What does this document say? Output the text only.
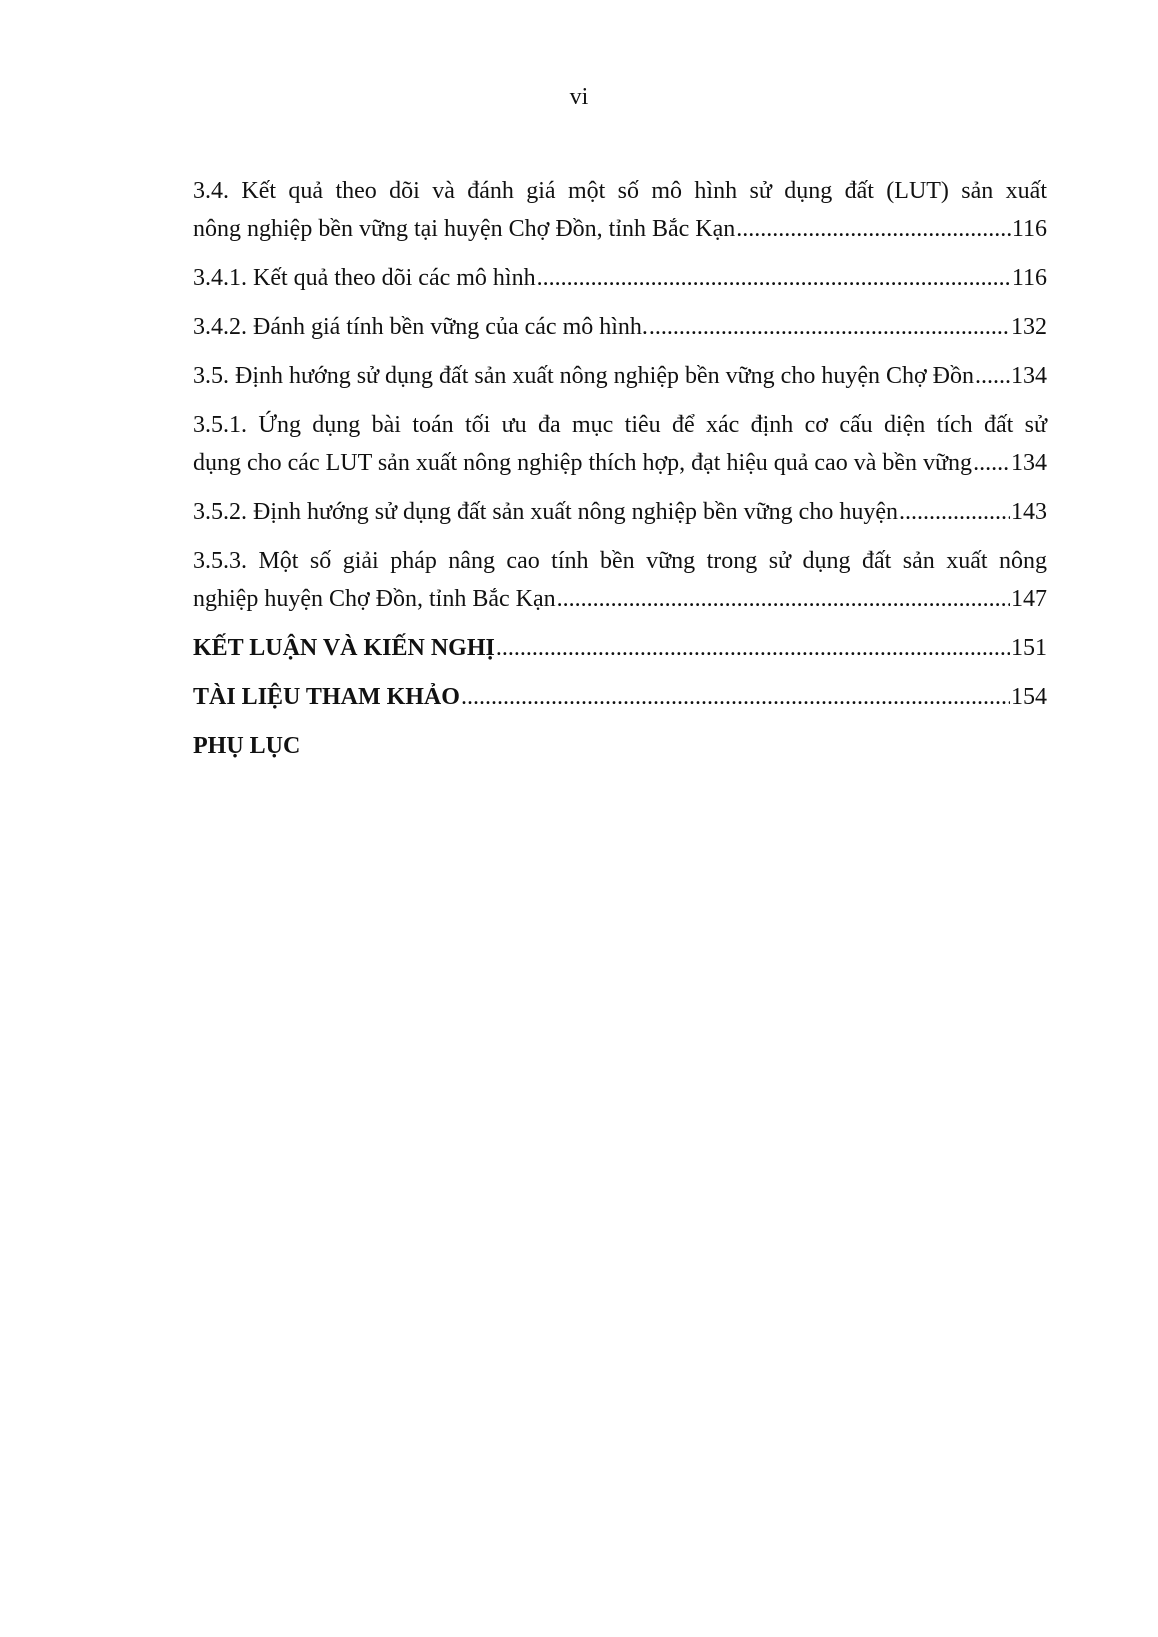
vi
3.4. Kết quả theo dõi và đánh giá một số mô hình sử dụng đất (LUT) sản xuất
nông nghiệp bền vững tại huyện Chợ Đồn, tỉnh Bắc Kạn .....	116
3.4.1. Kết quả theo dõi các mô hình .....	116
3.4.2. Đánh giá tính bền vững của các mô hình. .....	132
3.5. Định hướng sử dụng đất sản xuất nông nghiệp bền vững cho huyện Chợ Đồn ..... 134
3.5.1. Ứng dụng bài toán tối ưu đa mục tiêu để xác định cơ cấu diện tích đất sử
dụng cho các LUT sản xuất nông nghiệp thích hợp, đạt hiệu quả cao và bền vững ..... 134
3.5.2. Định hướng sử dụng đất sản xuất nông nghiệp bền vững cho huyện .....	143
3.5.3. Một số giải pháp nâng cao tính bền vững trong sử dụng đất sản xuất nông
nghiệp huyện Chợ Đồn, tỉnh Bắc Kạn .....	147
KẾT LUẬN VÀ KIẾN NGHỊ .....	151
TÀI LIỆU THAM KHẢO .....	154
PHỤ LỤC
